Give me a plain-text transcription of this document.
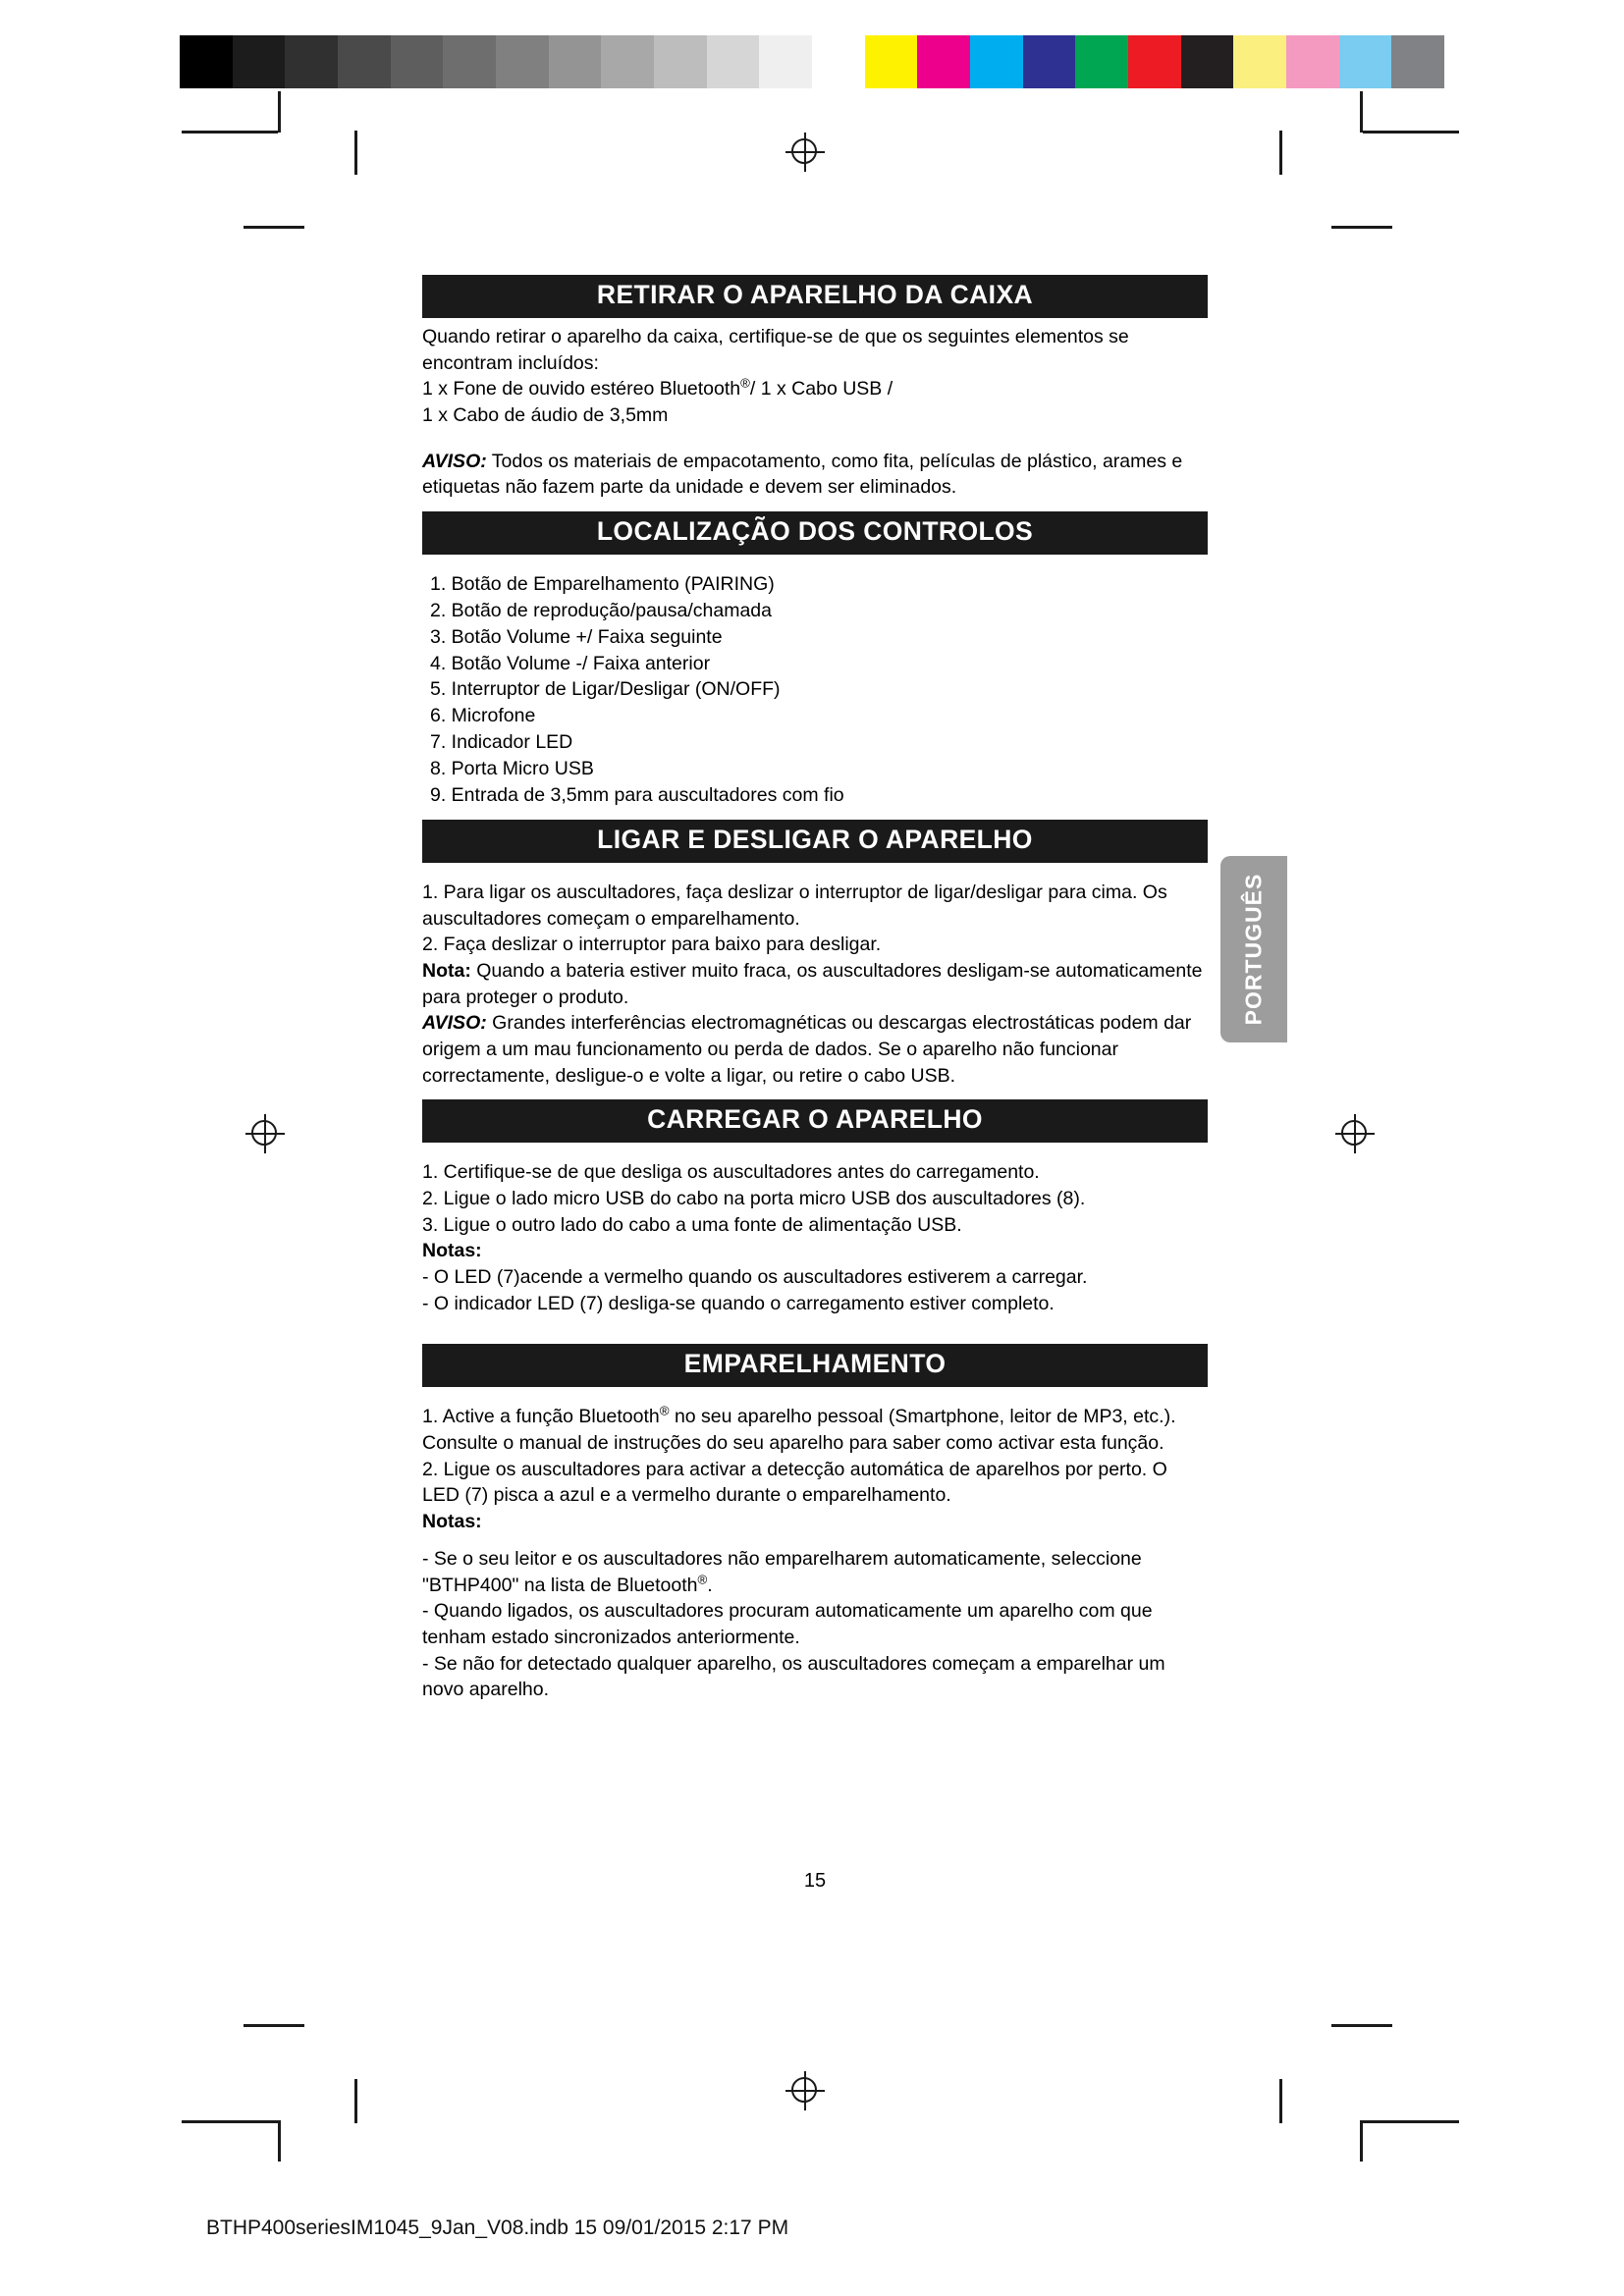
PORTUGUÊS
RETIRAR O APARELHO DA CAIXA

Quando retirar o aparelho da caixa, certifique-se de que os seguintes elementos se encontram incluídos:

1 x Fone de ouvido estéreo Bluetooth®/ 1 x Cabo USB /

1 x Cabo de áudio de 3,5mm

AVISO: Todos os materiais de empacotamento, como fita, películas de plástico, arames e etiquetas não fazem parte da unidade e devem ser eliminados.

LOCALIZAÇÃO DOS CONTROLOS
1. Botão de Emparelhamento (PAIRING)
2. Botão de reprodução/pausa/chamada
3. Botão Volume +/ Faixa seguinte
4. Botão Volume -/ Faixa anterior
5. Interruptor de Ligar/Desligar (ON/OFF)
6. Microfone
7. Indicador LED
8. Porta Micro USB
9. Entrada de 3,5mm para auscultadores com fio
LIGAR E DESLIGAR O APARELHO

1. Para ligar os auscultadores, faça deslizar o interruptor de ligar/desligar para cima. Os auscultadores começam o emparelhamento.

2. Faça deslizar o interruptor para baixo para desligar.

Nota: Quando a bateria estiver muito fraca, os auscultadores desligam-se automaticamente para proteger o produto.

AVISO: Grandes interferências electromagnéticas ou descargas electrostáticas podem dar origem a um mau funcionamento ou perda de dados. Se o aparelho não funcionar correctamente, desligue-o e volte a ligar, ou retire o cabo USB.

CARREGAR O APARELHO

1. Certifique-se de que desliga os auscultadores antes do carregamento.

2. Ligue o lado micro USB do cabo na porta micro USB dos auscultadores (8).

3. Ligue o outro lado do cabo a uma fonte de alimentação USB.

Notas:

- O LED (7)acende a vermelho quando os auscultadores estiverem a carregar.

- O indicador LED (7) desliga-se quando o carregamento estiver completo.

EMPARELHAMENTO

1. Active a função Bluetooth® no seu aparelho pessoal (Smartphone, leitor de MP3, etc.). Consulte o manual de instruções do seu aparelho para saber como activar esta função.

2. Ligue os auscultadores para activar a detecção automática de aparelhos por perto. O LED (7) pisca a azul e a vermelho durante o emparelhamento.

Notas:

- Se o seu leitor e os auscultadores não emparelharem automaticamente, seleccione "BTHP400" na lista de Bluetooth®.

- Quando ligados, os auscultadores procuram automaticamente um aparelho com que tenham estado sincronizados anteriormente.

- Se não for detectado qualquer aparelho, os auscultadores começam a emparelhar um novo aparelho.

15
BTHP400seriesIM1045_9Jan_V08.indb 15 09/01/2015 2:17 PM
